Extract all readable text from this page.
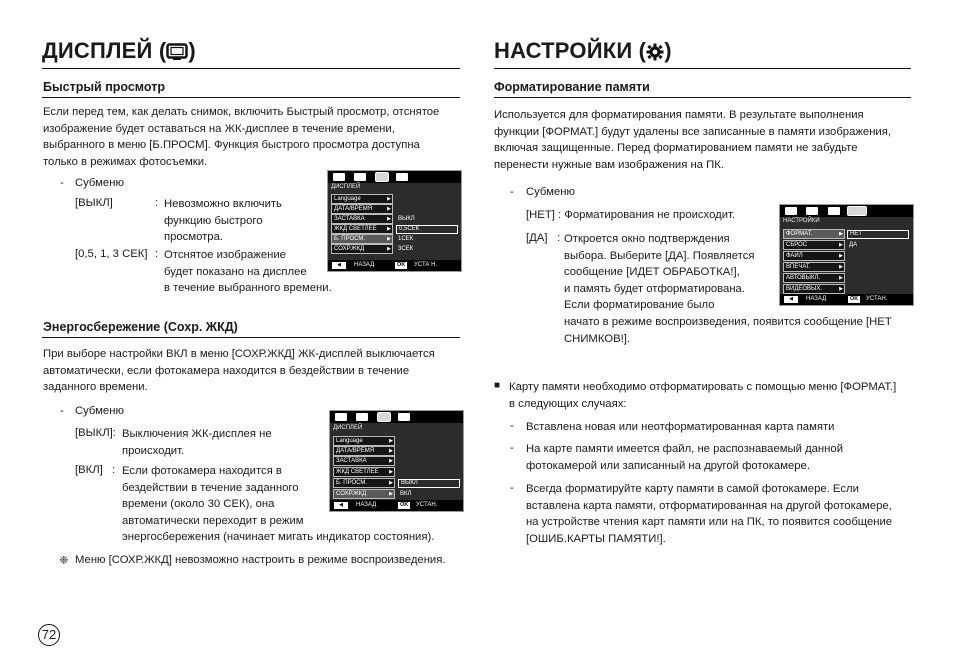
ДИСПЛЕЙ ( )
Быстрый просмотр
Если перед тем, как делать снимок, включить Быстрый просмотр, отснятое
изображение будет оставаться на ЖК-дисплее в течение времени,
выбранного в меню [Б.ПРОСМ]. Функция быстрого просмотра доступна
только в режимах фотосъемки.
- Субменю
[ВЫКЛ]	: Невозможно включить
функцию быстрого
просмотра.
[0,5, 1, 3 СЕК] : Отснятое изображение
будет показано на дисплее
в течение выбранного времени.
ДИСПЛЕЙ
Language ▶
ДАТА/ВРЕМЯ ▶
ЗАСТАВКА ▶
ЖКД СВЕТЛЕЕ ▶
Б. ПРОСМ. ▶
СОХР.ЖКД ▶
ВЫКЛ
0,5СЕК
1СЕК
3СЕК
◀	НАЗАД	OK	УСТА Н.
Энергосбережение (Сохр. ЖКД)
При выборе настройки ВКЛ в меню [СОХР.ЖКД] ЖК-дисплей выключается
автоматически, если фотокамера находится в бездействии в течение
заданного времени.
- Субменю
[ВЫКЛ]: Выключения ЖК-дисплея не
происходит.
[ВКЛ] : Если фотокамера находится в
бездействии в течение заданного
времени (около 30 СЕК), она
автоматически переходит в режим
энергосбережения (начинает мигать индикатор состояния).
ДИСПЛЕЙ
Language ▶
ДАТА/ВРЕМЯ ▶
ЗАСТАВКА ▶
ЖКД СВЕТЛЕЕ ▶
Б. ПРОСМ. ▶
СОХР.ЖКД ▶
ВЫКЛ
ВКЛ
◀	НАЗАД	OK	УСТАН.
❈ Меню [СОХР.ЖКД] невозможно настроить в режиме воспроизведения.
НАСТРОЙКИ ( )
Форматирование памяти
Используется для форматирования памяти. В результате выполнения
функции [ФОРМАТ.] будут удалены все записанные в памяти изображения,
включая защищенные. Перед форматированием памяти не забудьте
перенести нужные вам изображения на ПК.
- Субменю
[НЕТ] : Форматирования не происходит.
[ДА] : Откроется окно подтверждения
выбора. Выберите [ДА]. Появляется
сообщение [ИДЕТ ОБРАБОТКА!],
и память будет отформатирована.
Если форматирование было
начато в режиме воспроизведения, появится сообщение [НЕТ
СНИМКОВ!].
НАСТРОЙКИ
ФОРМАТ. ▶
СБРОС ▶
ФАЙЛ ▶
ВПЕЧАТ. ▶
АВТОВЫКЛ. ▶
ВИДЕОВЫХ. ▶
НЕТ
ДА
◀	НАЗАД	OK	УСТАН.
■ Карту памяти необходимо отформатировать с помощью меню [ФОРМАТ.]
в следующих случаях:
- Вставлена новая или неотформатированная карта памяти
- На карте памяти имеется файл, не распознаваемый данной
фотокамерой или записанный на другой фотокамере.
- Всегда форматируйте карту памяти в самой фотокамере. Если
вставлена карта памяти, отформатированная на другой фотокамере,
на устройстве чтения карт памяти или на ПК, то появится сообщение
[ОШИБ.КАРТЫ ПАМЯТИ!].
72
